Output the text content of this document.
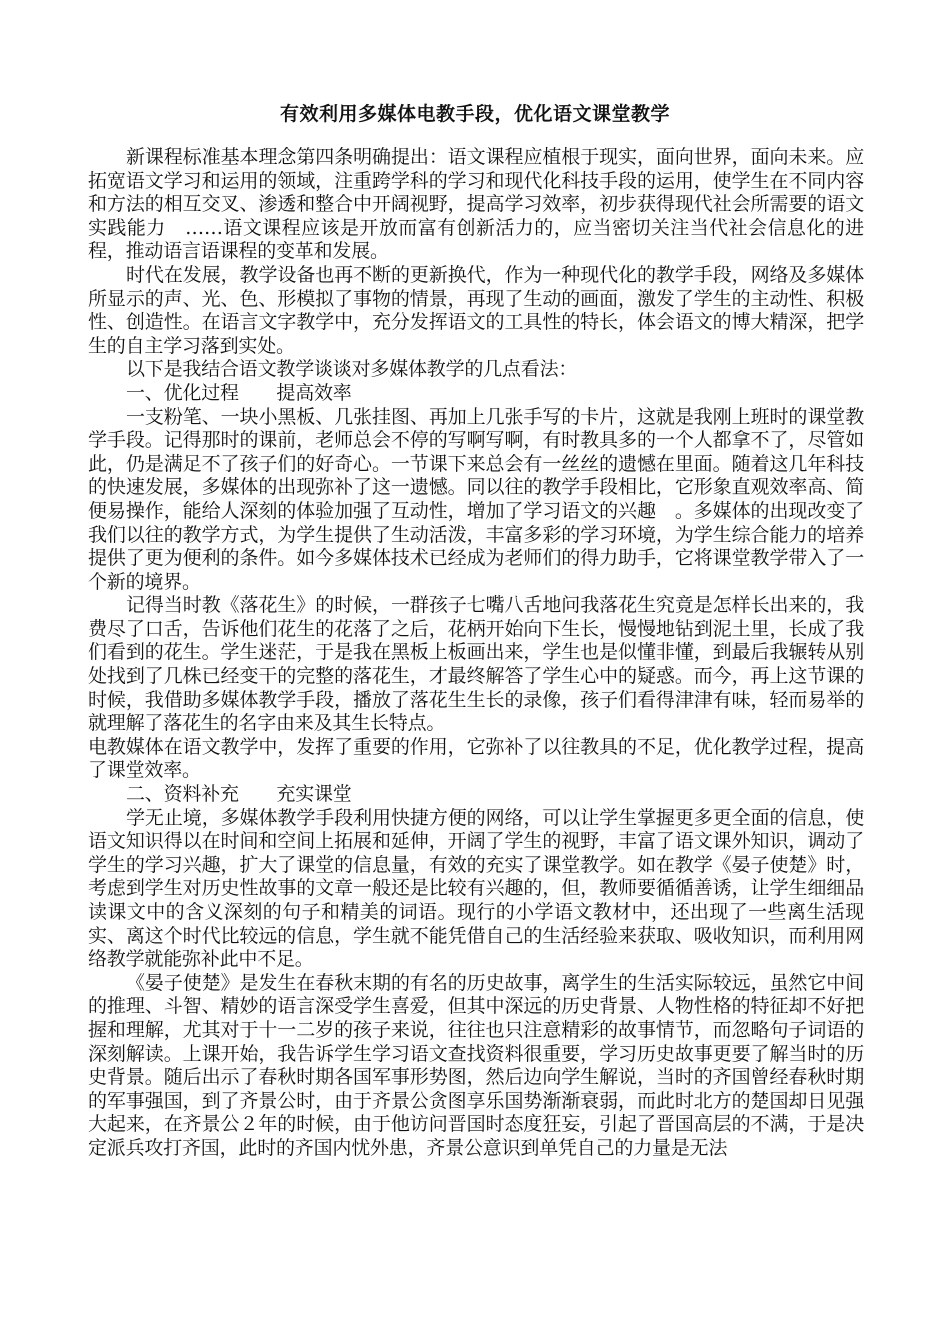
有效利用多媒体电教手段，优化语文课堂教学

新课程标准基本理念第四条明确提出：语文课程应植根于现实，面向世界，面向未来。应拓宽语文学习和运用的领域，注重跨学科的学习和现代化科技手段的运用，使学生在不同内容和方法的相互交叉、渗透和整合中开阔视野，提高学习效率，初步获得现代社会所需要的语文实践能力　……语文课程应该是开放而富有创新活力的，应当密切关注当代社会信息化的进程，推动语言语课程的变革和发展。

时代在发展，教学设备也再不断的更新换代，作为一种现代化的教学手段，网络及多媒体所显示的声、光、色、形模拟了事物的情景，再现了生动的画面，激发了学生的主动性、积极性、创造性。在语言文字教学中，充分发挥语文的工具性的特长，体会语文的博大精深，把学生的自主学习落到实处。

以下是我结合语文教学谈谈对多媒体教学的几点看法：

一、优化过程　　提高效率

一支粉笔、一块小黑板、几张挂图、再加上几张手写的卡片，这就是我刚上班时的课堂教学手段。记得那时的课前，老师总会不停的写啊写啊，有时教具多的一个人都拿不了，尽管如此，仍是满足不了孩子们的好奇心。一节课下来总会有一丝丝的遗憾在里面。随着这几年科技的快速发展，多媒体的出现弥补了这一遗憾。同以往的教学手段相比，它形象直观效率高、简便易操作，能给人深刻的体验加强了互动性，增加了学习语文的兴趣　。多媒体的出现改变了我们以往的教学方式，为学生提供了生动活泼，丰富多彩的学习环境，为学生综合能力的培养提供了更为便利的条件。如今多媒体技术已经成为老师们的得力助手，它将课堂教学带入了一个新的境界。

记得当时教《落花生》的时候，一群孩子七嘴八舌地问我落花生究竟是怎样长出来的，我费尽了口舌，告诉他们花生的花落了之后，花柄开始向下生长，慢慢地钻到泥土里，长成了我们看到的花生。学生迷茫，于是我在黑板上板画出来，学生也是似懂非懂，到最后我辗转从别处找到了几株已经变干的完整的落花生，才最终解答了学生心中的疑惑。而今，再上这节课的时候，我借助多媒体教学手段，播放了落花生生长的录像，孩子们看得津津有味，轻而易举的就理解了落花生的名字由来及其生长特点。

电教媒体在语文教学中，发挥了重要的作用，它弥补了以往教具的不足，优化教学过程，提高了课堂效率。

二、资料补充　　充实课堂

学无止境，多媒体教学手段利用快捷方便的网络，可以让学生掌握更多更全面的信息，使语文知识得以在时间和空间上拓展和延伸，开阔了学生的视野，丰富了语文课外知识，调动了学生的学习兴趣，扩大了课堂的信息量，有效的充实了课堂教学。如在教学《晏子使楚》时，考虑到学生对历史性故事的文章一般还是比较有兴趣的，但，教师要循循善诱，让学生细细品读课文中的含义深刻的句子和精美的词语。现行的小学语文教材中，还出现了一些离生活现实、离这个时代比较远的信息，学生就不能凭借自己的生活经验来获取、吸收知识，而利用网络教学就能弥补此中不足。

《晏子使楚》是发生在春秋末期的有名的历史故事，离学生的生活实际较远，虽然它中间的推理、斗智、精妙的语言深受学生喜爱，但其中深远的历史背景、人物性格的特征却不好把握和理解，尤其对于十一二岁的孩子来说，往往也只注意精彩的故事情节，而忽略句子词语的深刻解读。上课开始，我告诉学生学习语文查找资料很重要，学习历史故事更要了解当时的历史背景。随后出示了春秋时期各国军事形势图，然后边向学生解说，当时的齐国曾经春秋时期的军事强国，到了齐景公时，由于齐景公贪图享乐国势渐渐衰弱，而此时北方的楚国却日见强大起来，在齐景公２年的时候，由于他访问晋国时态度狂妄，引起了晋国高层的不满，于是决定派兵攻打齐国，此时的齐国内忧外患，齐景公意识到单凭自己的力量是无法
